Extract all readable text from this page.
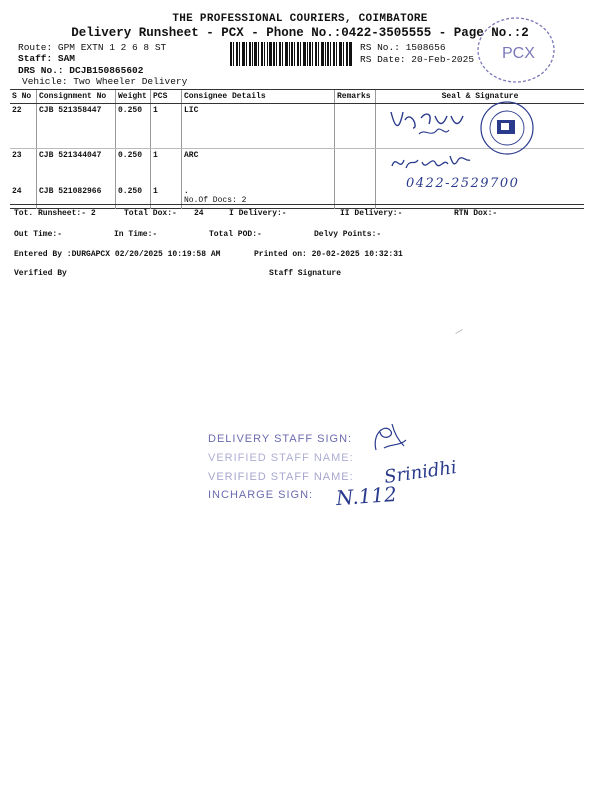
THE PROFESSIONAL COURIERS, COIMBATORE
Delivery Runsheet - PCX - Phone No.:0422-3505555 - Page No.:2
Route: GPM EXTN 1 2 6 8 ST
Staff: SAM
DRS No.: DCJB150865602
Vehicle: Two Wheeler Delivery
RS No.: 1508656
RS Date: 20-Feb-2025 PCX
S No	Consignment No	Weight	PCS	Consignee Details	Remarks	Seal & Signature
22	CJB 521358447	0.250	1	LIC		
23	CJB 521344047	0.250	1	ARC		
24	CJB 521082966	0.250	1	.
No.Of Docs: 2		

0422-2529700
Tot. Runsheet:- 2	Total Dox:- 24	I Delivery:-	II Delivery:-	RTN Dox:-
Out Time:-	In Time:-	Total POD:-	Delvy Points:-
Entered By :DURGAPCX 02/20/2025 10:19:58 AM	Printed on: 20-02-2025 10:32:31
Verified By	Staff Signature
DELIVERY STAFF SIGN:
VERIFIED STAFF NAME:
VERIFIED STAFF NAME:
INCHARGE SIGN:
Srinidhi
N.112
